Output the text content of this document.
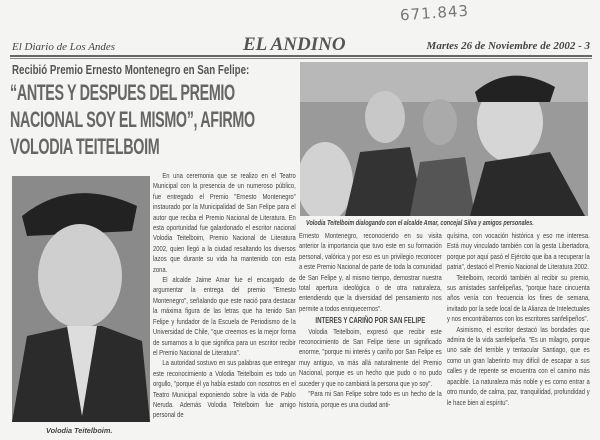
671.843
El Diario de Los Andes	EL ANDINO	Martes 26 de Noviembre de 2002 - 3
Recibió Premio Ernesto Montenegro en San Felipe:
“ANTES Y DESPUES DEL PREMIO NACIONAL SOY EL MISMO”, AFIRMO VOLODIA TEITELBOIM
Volodia Teitelboim dialogando con el alcalde Amar, concejal Silva y amigos personales.
Volodia Teitelboim.

En una ceremonia que se realizo en el Teatro Municipal con la presencia de un numeroso público, fue entregado el Premio "Ernesto Montenegro" instaurado por la Municipalidad de San Felipe para el autor que reciba el Premio Nacional de Literatura. En esta oportunidad fue galardonado el escritor nacional Volodia Teitelboim, Premio Nacional de Literatura 2002, quien llegó a la ciudad resaltando los diversos lazos que durante su vida ha mantenido con esta zona.

El alcalde Jaime Amar fue el encargado de argumentar la entrega del premio "Ernesto Montenegro", señalando que este nació para destacar la máxima figura de las letras que ha tenido San Felipe y fundador de la Escuela de Periodismo de la Universidad de Chile, "que creemos es la mejor forma de sumarnos a lo que significa para un escritor recibir el Premio Nacional de Literatura".

La autoridad sostuvo en sus palabras que entregar este reconocimiento a Volodia Teitelboim es todo un orgullo, "porque él ya había estado con nosotros en el Teatro Municipal exponiendo sobre la vida de Pablo Neruda. Además Volodia Teitelboim fue amigo personal de

Ernesto Montenegro, reconociendo en su visita anterior la importancia que tuvo este en su formación personal, valórica y por eso es un privilegio reconocer a este Premio Nacional de parte de toda la comunidad de San Felipe y, al mismo tiempo, demostrar nuestra total apertura ideológica o de otra naturaleza, entendiendo que la diversidad del pensamiento nos permite a todos enriquecernos".

INTERES Y CARIÑO POR SAN FELIPE

Volodia Teitelboim, expresó que recibir este reconocimiento de San Felipe tiene un significado enorme, "porque mi interés y cariño por San Felipe es muy antiguo, va más allá naturalmente del Premio Nacional, porque es un hecho que pudo o no pudo suceder y que no cambiará la persona que yo soy".

"Para mi San Felipe sobre todo es un hecho de la historia, porque es una ciudad anti-

quísima, con vocación histórica y eso me interesa. Está muy vinculado también con la gesta Libertadora, porque por aquí pasó el Ejército que iba a recuperar la patria", destacó el Premio Nacional de Literatura 2002.

Teitelboim, recordó también al recibir su premio, sus amistades sanfelipeñas, "porque hace cincuenta años venía con frecuencia los fines de semana, invitado por la sede local de la Alianza de Intelectuales y nos encontrábamos con los escritores sanfelipeños".

Asimismo, el escritor destacó las bondades que admira de la vida sanfelipeña. "Es un milagro, porque uno sale del terrible y tentacular Santiago, que es como un gran laberinto muy difícil de escapar a sus calles y de repente se encuentra con el camino más apacible. La naturaleza más noble y es como entrar a otro mundo, de calma, paz, tranquilidad, profundidad y le hace bien al espíritu".
